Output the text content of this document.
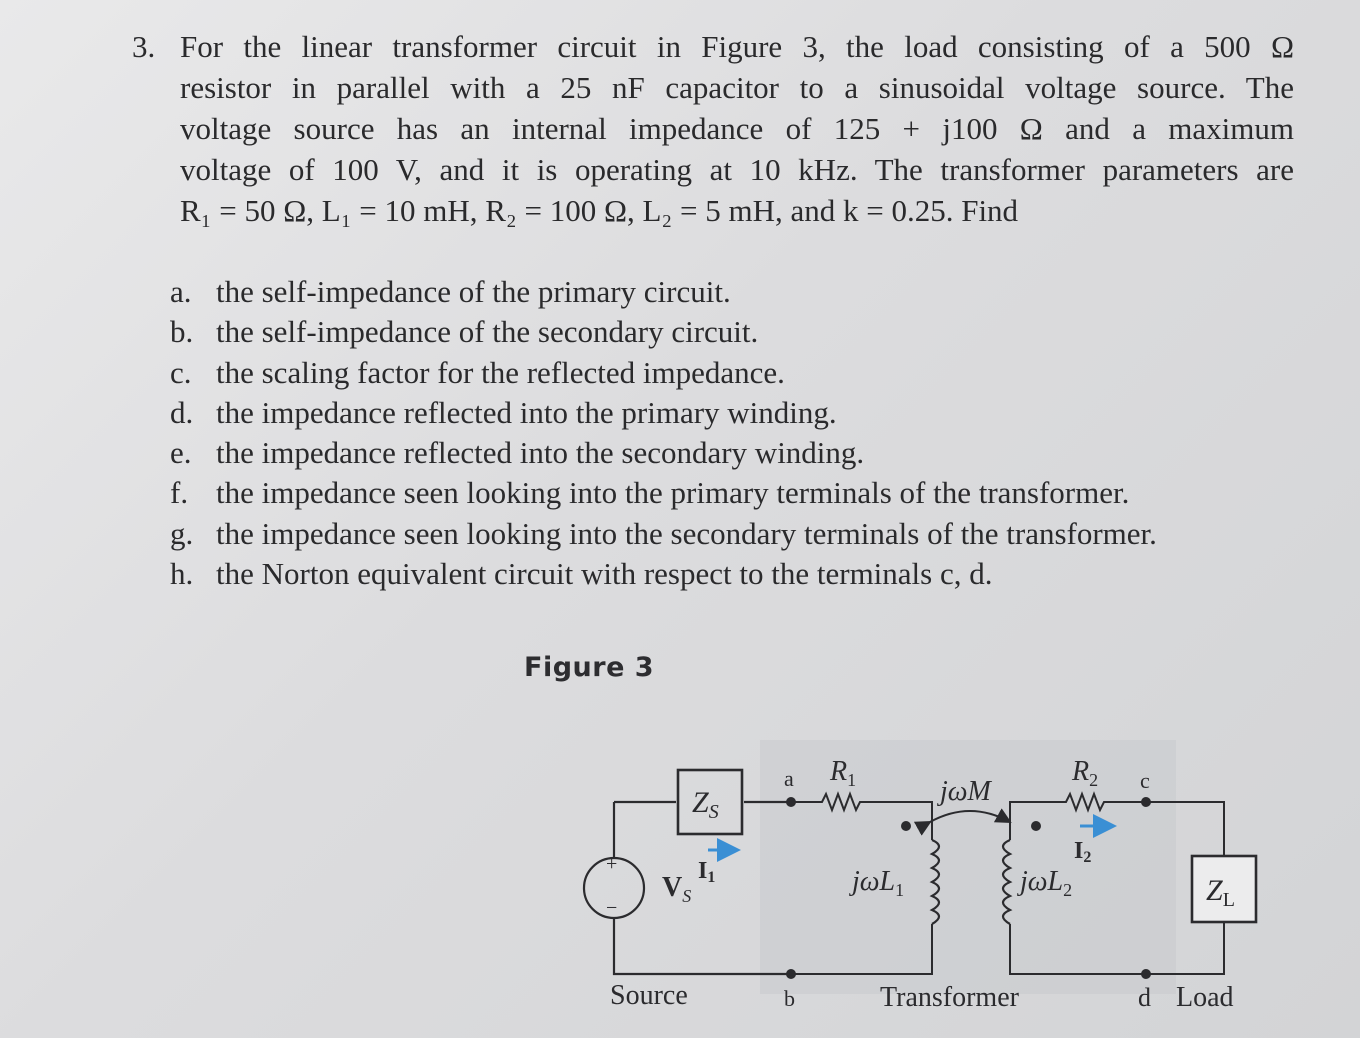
3. For the linear transformer circuit in Figure 3, the load consisting of a 500 Ω
resistor in parallel with a 25 nF capacitor to a sinusoidal voltage source. The
voltage source has an internal impedance of 125 + j100 Ω and a maximum
voltage of 100 V, and it is operating at 10 kHz. The transformer parameters are
R₁ = 50 Ω, L₁ = 10 mH, R₂ = 100 Ω, L₂ = 5 mH, and k = 0.25. Find
a. the self-impedance of the primary circuit.
b. the self-impedance of the secondary circuit.
c. the scaling factor for the reflected impedance.
d. the impedance reflected into the primary winding.
e. the impedance reflected into the secondary winding.
f. the impedance seen looking into the primary terminals of the transformer.
g. the impedance seen looking into the secondary terminals of the transformer.
h. the Norton equivalent circuit with respect to the terminals c, d.
Figure 3
+
−
$Z_S$
$V_S$
I1
a $R_1$
jωL$_1$
b
jωM
jωL$_2$
$R_2$
I2
c
$Z_L$
d
Source	Transformer	Load
